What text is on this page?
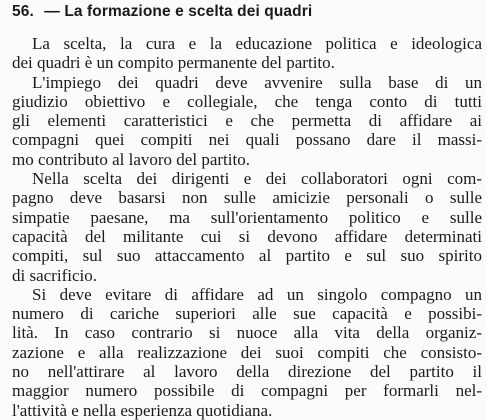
56. — La formazione e scelta dei quadri
La scelta, la cura e la educazione politica e ideologica
dei quadri è un compito permanente del partito.
L'impiego dei quadri deve avvenire sulla base di un
giudizio obiettivo e collegiale, che tenga conto di tutti
gli elementi caratteristici e che permetta di affidare ai
compagni quei compiti nei quali possano dare il massi-
mo contributo al lavoro del partito.
Nella scelta dei dirigenti e dei collaboratori ogni com-
pagno deve basarsi non sulle amicizie personali o sulle
simpatie paesane, ma sull'orientamento politico e sulle
capacità del militante cui si devono affidare determinati
compiti, sul suo attaccamento al partito e sul suo spirito
di sacrificio.
Si deve evitare di affidare ad un singolo compagno un
numero di cariche superiori alle sue capacità e possibi-
lità. In caso contrario si nuoce alla vita della organiz-
zazione e alla realizzazione dei suoi compiti che consisto-
no nell'attirare al lavoro della direzione del partito il
maggior numero possibile di compagni per formarli nel-
l'attività e nella esperienza quotidiana.
